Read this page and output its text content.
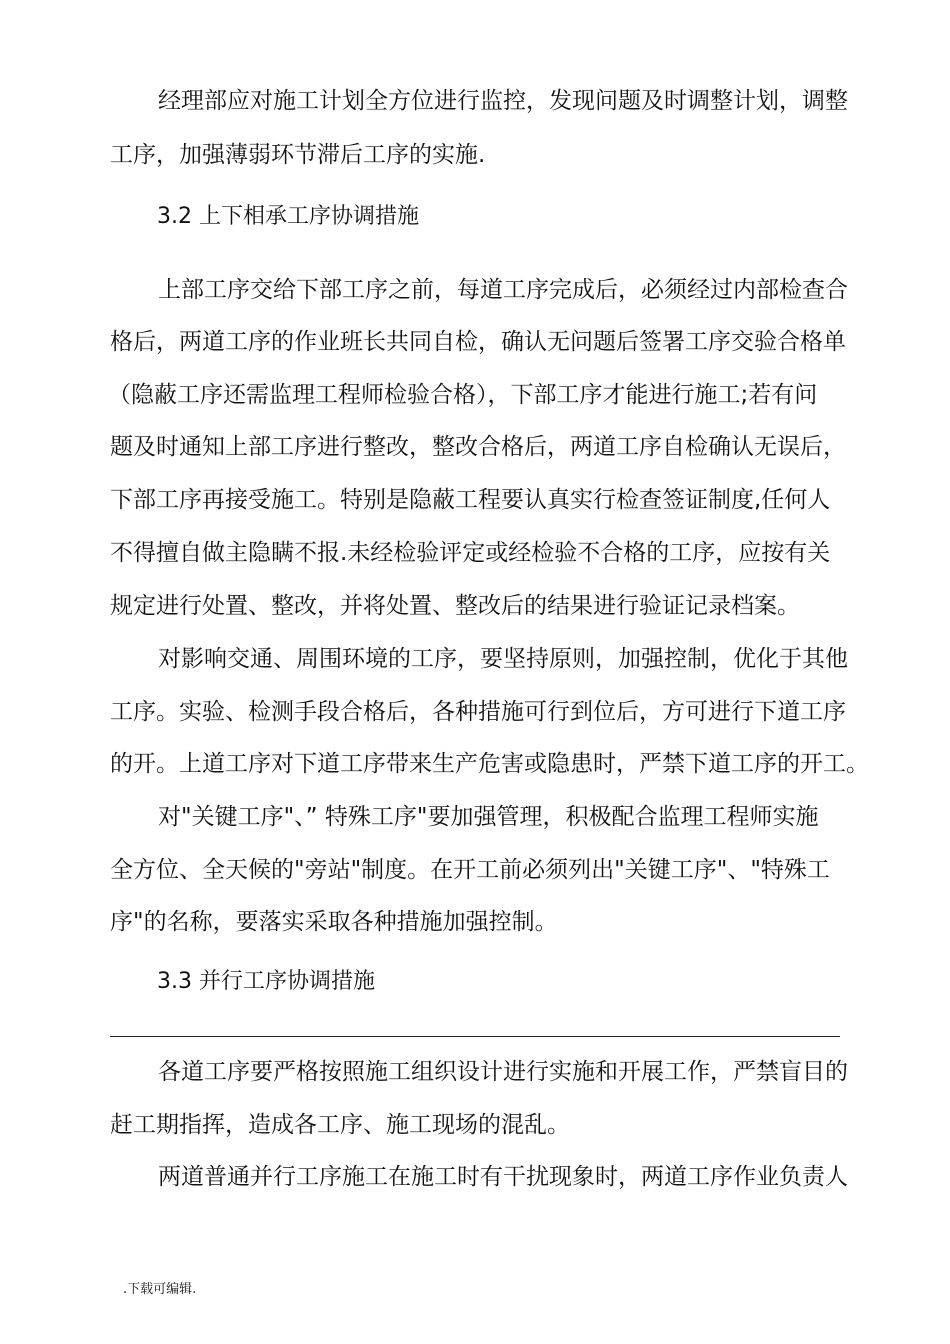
经理部应对施工计划全方位进行监控，发现问题及时调整计划，调整
工序，加强薄弱环节滞后工序的实施.
3.2 上下相承工序协调措施
上部工序交给下部工序之前，每道工序完成后，必须经过内部检查合
格后，两道工序的作业班长共同自检，确认无问题后签署工序交验合格单
（隐蔽工序还需监理工程师检验合格），下部工序才能进行施工;若有问
题及时通知上部工序进行整改，整改合格后，两道工序自检确认无误后，
下部工序再接受施工。特别是隐蔽工程要认真实行检查签证制度,任何人
不得擅自做主隐瞒不报.未经检验评定或经检验不合格的工序，应按有关
规定进行处置、整改，并将处置、整改后的结果进行验证记录档案。
对影响交通、周围环境的工序，要坚持原则，加强控制，优化于其他
工序。实验、检测手段合格后，各种措施可行到位后，方可进行下道工序
的开。上道工序对下道工序带来生产危害或隐患时，严禁下道工序的开工。
对"关键工序"、” 特殊工序"要加强管理，积极配合监理工程师实施
全方位、全天候的"旁站"制度。在开工前必须列出"关键工序"、"特殊工
序"的名称，要落实采取各种措施加强控制。
3.3 并行工序协调措施
各道工序要严格按照施工组织设计进行实施和开展工作，严禁盲目的
赶工期指挥，造成各工序、施工现场的混乱。
两道普通并行工序施工在施工时有干扰现象时，两道工序作业负责人
.下载可编辑.
